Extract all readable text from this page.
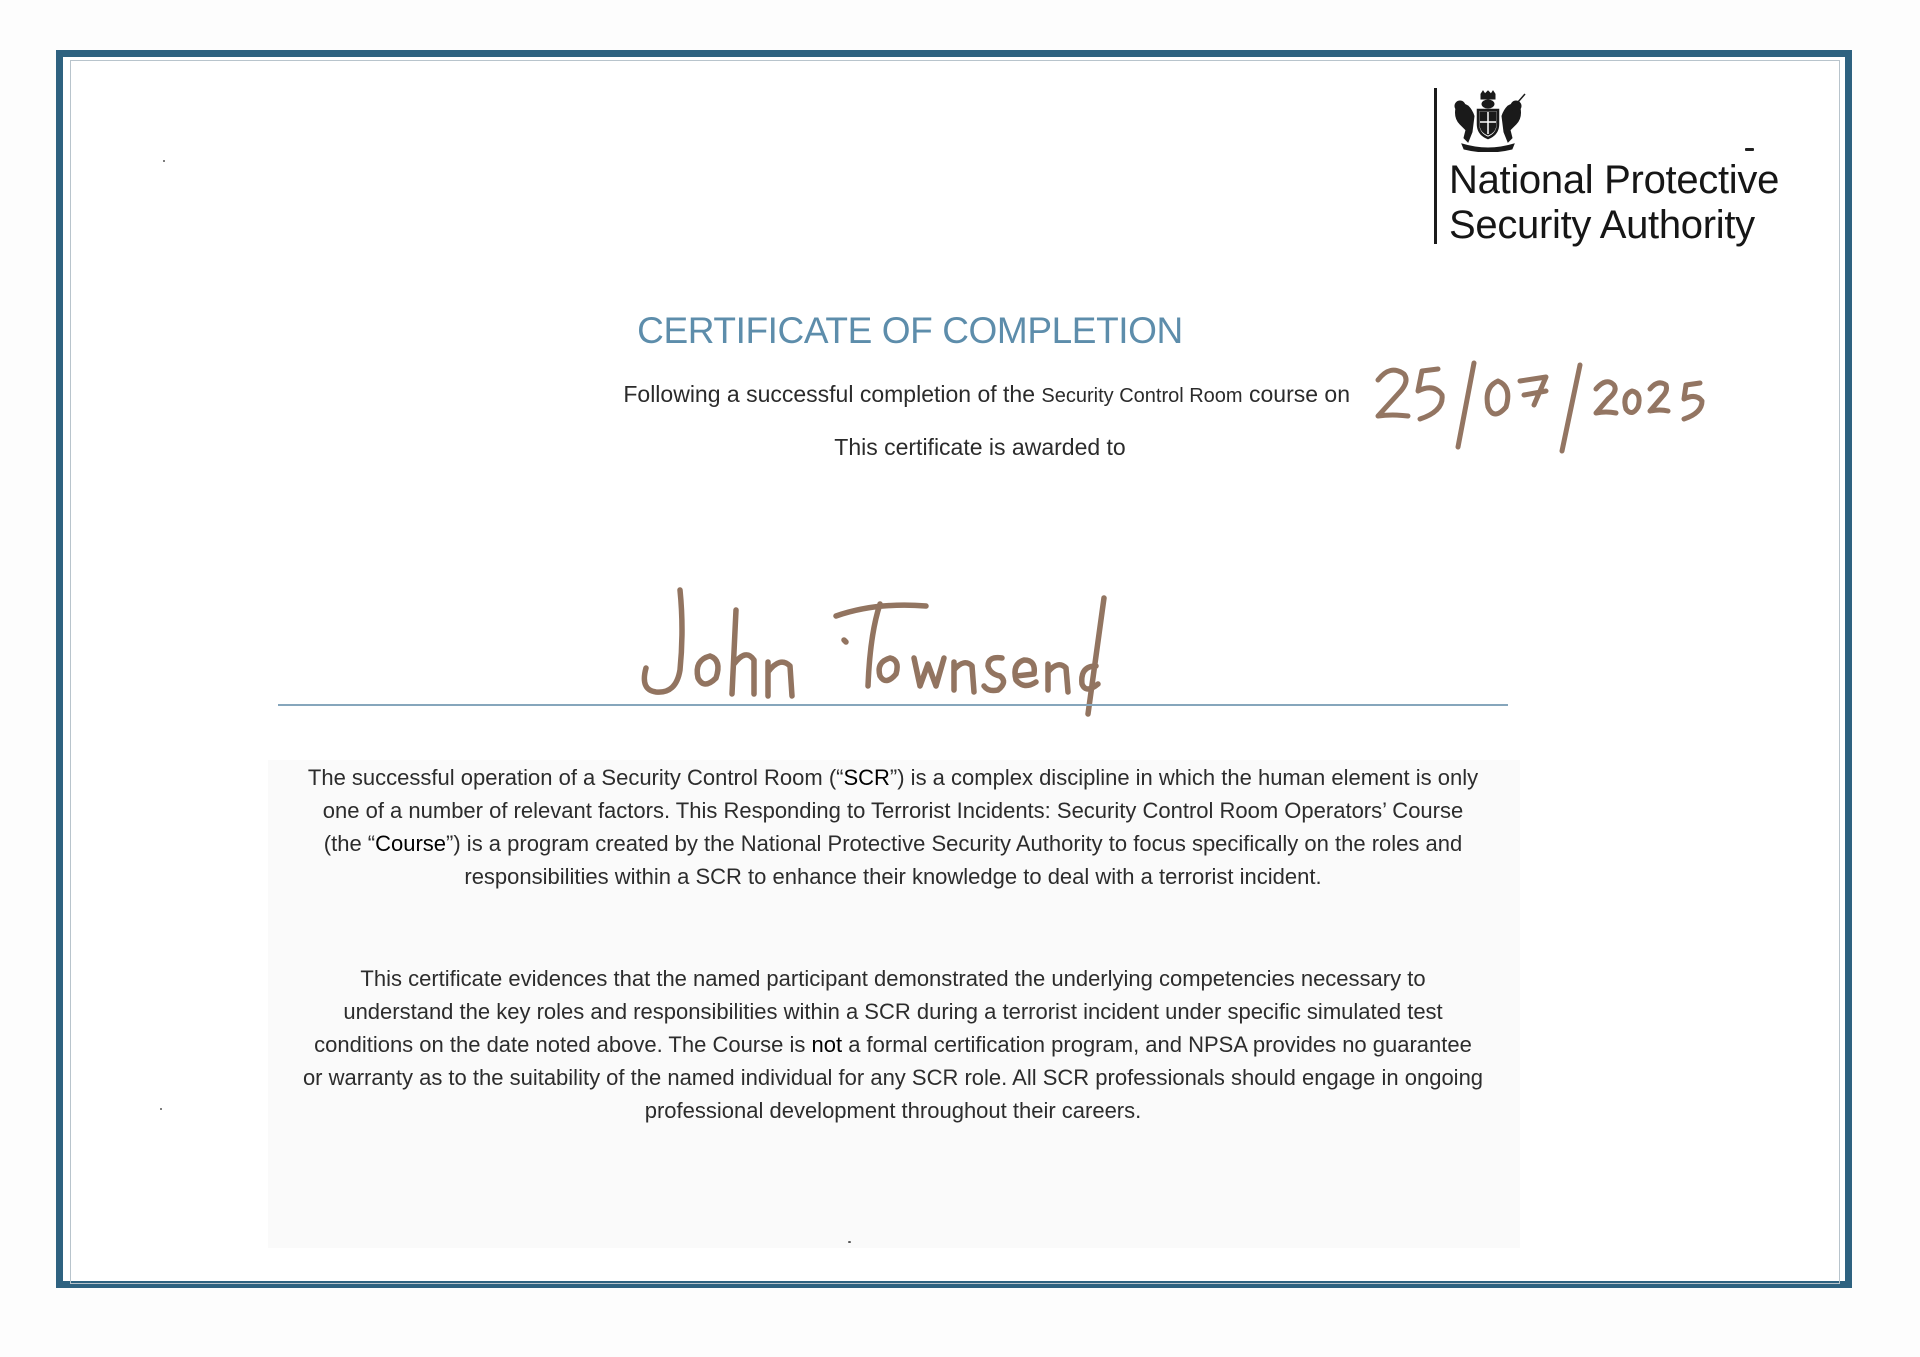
National Protective
Security Authority
CERTIFICATE OF COMPLETION
Following a successful completion of the Security Control Room course on
This certificate is awarded to
The successful operation of a Security Control Room (“SCR”) is a complex discipline in which the human element is only
one of a number of relevant factors. This Responding to Terrorist Incidents: Security Control Room Operators’ Course
(the “Course”) is a program created by the National Protective Security Authority to focus specifically on the roles and
responsibilities within a SCR to enhance their knowledge to deal with a terrorist incident.
This certificate evidences that the named participant demonstrated the underlying competencies necessary to
understand the key roles and responsibilities within a SCR during a terrorist incident under specific simulated test
conditions on the date noted above. The Course is not a formal certification program, and NPSA provides no guarantee
or warranty as to the suitability of the named individual for any SCR role. All SCR professionals should engage in ongoing
professional development throughout their careers.
